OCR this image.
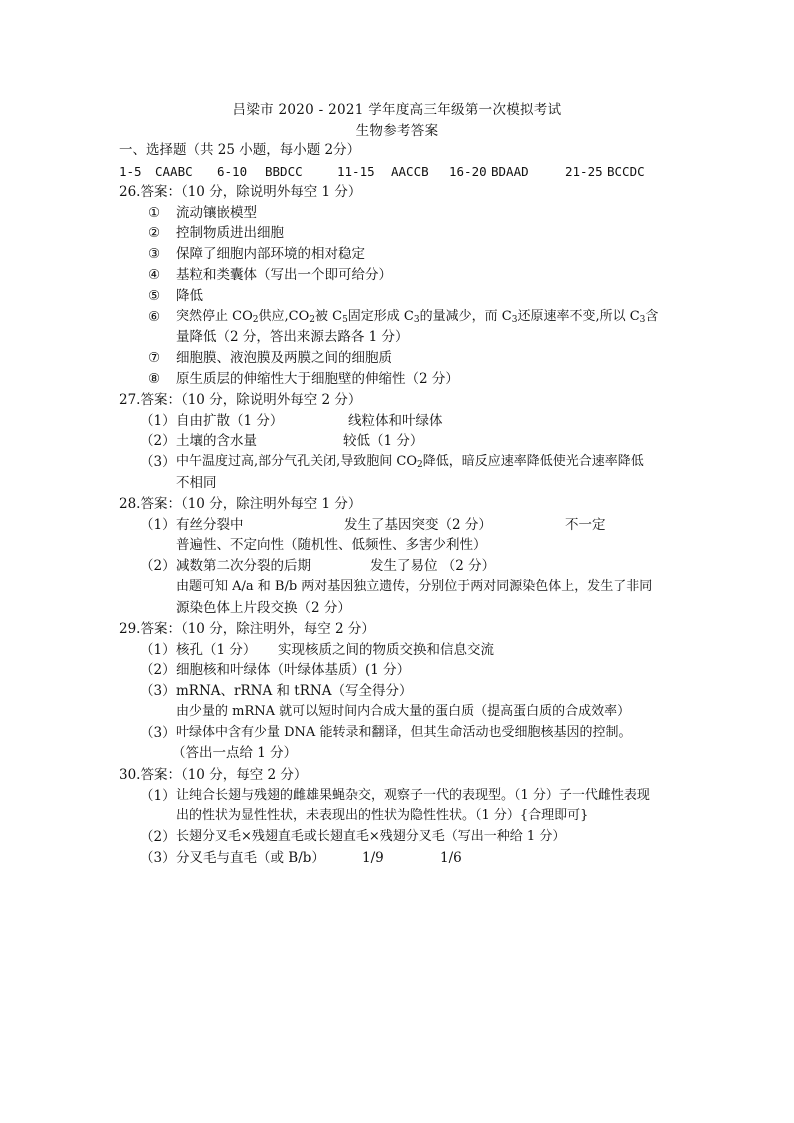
吕梁市 2020 - 2021 学年度高三年级第一次模拟考试
生物参考答案
一、选择题（共 25 小题，每小题 2分）
1-5 CAABC 6-10 BBDCC	11-15 AACCB 16-20 BDAAD	21-25 BCCDC
26.答案：（10 分，除说明外每空 1 分）
① 流动镶嵌模型
② 控制物质进出细胞
③ 保障了细胞内部环境的相对稳定
④ 基粒和类囊体（写出一个即可给分）
⑤ 降低
⑥ 突然停止 $CO_2$供应$,CO_2$被 $C_5$固定形成 $C_3$的量减少，而 $C_3$还原速率不变,所以 $C_3$含
量降低（2 分，答出来源去路各 1 分）
⑦ 细胞膜、液泡膜及两膜之间的细胞质
⑧ 原生质层的伸缩性大于细胞壁的伸缩性（2 分）
27.答案：（10 分，除说明外每空 2 分）
（1） 自由扩散（1 分）	线粒体和叶绿体
（2） 土壤的含水量	较低（1 分）
（3） 中午温度过高,部分气孔关闭,导致胞间 $CO_2$降低，暗反应速率降低使光合速率降低
不相同
28.答案：（10 分，除注明外每空 1 分）
（1） 有丝分裂中	发生了基因突变（2 分）	不一定
普遍性、不定向性（随机性、低频性、多害少利性）
（2） 减数第二次分裂的后期	发生了易位 （2 分）
由题可知 A/a 和 B/b 两对基因独立遗传，分别位于两对同源染色体上，发生了非同
源染色体上片段交换（2 分）
29.答案：（10 分，除注明外，每空 2 分）
（1） 核孔（1 分） 实现核质之间的物质交换和信息交流
（2） 细胞核和叶绿体（叶绿体基质）(1 分）
（3） mRNA、rRNA 和 tRNA（写全得分）
由少量的 mRNA 就可以短时间内合成大量的蛋白质（提高蛋白质的合成效率）
（3） 叶绿体中含有少量 DNA 能转录和翻译，但其生命活动也受细胞核基因的控制。
（答出一点给 1 分）
30.答案：（10 分，每空 2 分）
（1） 让纯合长翅与残翅的雌雄果蝇杂交，观察子一代的表现型。（1 分）子一代雌性表现
出的性状为显性性状，未表现出的性状为隐性性状。（1 分）{合理即可}
（2） 长翅分叉毛×残翅直毛或长翅直毛×残翅分叉毛（写出一种给 1 分）
（3） 分叉毛与直毛（或 B/b）	1/9	1/6
